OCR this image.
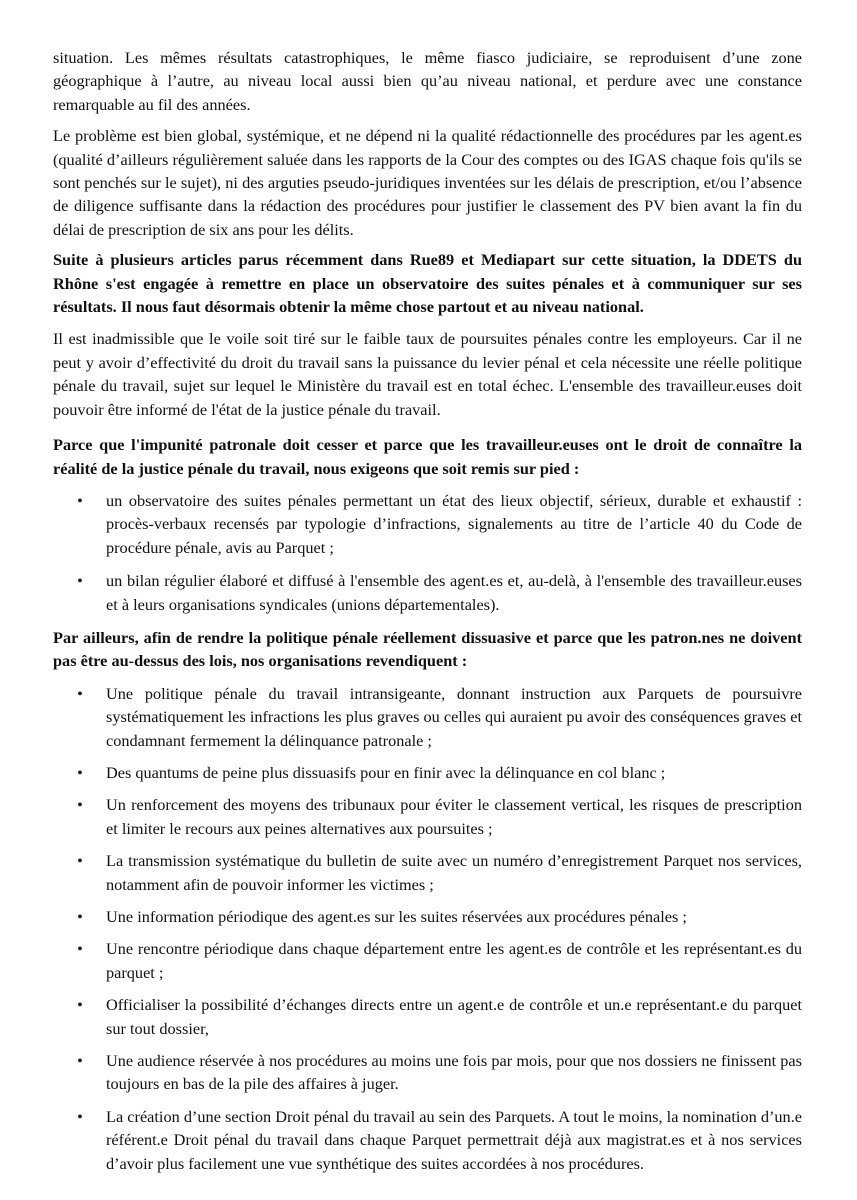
situation. Les mêmes résultats catastrophiques, le même fiasco judiciaire, se reproduisent d’une zone géographique à l’autre, au niveau local aussi bien qu’au niveau national, et perdure avec une constance remarquable au fil des années.

Le problème est bien global, systémique, et ne dépend ni la qualité rédactionnelle des procédures par les agent.es (qualité d’ailleurs régulièrement saluée dans les rapports de la Cour des comptes ou des IGAS chaque fois qu'ils se sont penchés sur le sujet), ni des arguties pseudo-juridiques inventées sur les délais de prescription, et/ou l’absence de diligence suffisante dans la rédaction des procédures pour justifier le classement des PV bien avant la fin du délai de prescription de six ans pour les délits.

Suite à plusieurs articles parus récemment dans Rue89 et Mediapart sur cette situation, la DDETS du Rhône s'est engagée à remettre en place un observatoire des suites pénales et à communiquer sur ses résultats. Il nous faut désormais obtenir la même chose partout et au niveau national.

Il est inadmissible que le voile soit tiré sur le faible taux de poursuites pénales contre les employeurs. Car il ne peut y avoir d’effectivité du droit du travail sans la puissance du levier pénal et cela nécessite une réelle politique pénale du travail, sujet sur lequel le Ministère du travail est en total échec. L'ensemble des travailleur.euses doit pouvoir être informé de l'état de la justice pénale du travail.

Parce que l'impunité patronale doit cesser et parce que les travailleur.euses ont le droit de connaître la réalité de la justice pénale du travail, nous exigeons que soit remis sur pied :

• un observatoire des suites pénales permettant un état des lieux objectif, sérieux, durable et exhaustif : procès-verbaux recensés par typologie d’infractions, signalements au titre de l’article 40 du Code de procédure pénale, avis au Parquet ;
• un bilan régulier élaboré et diffusé à l'ensemble des agent.es et, au-delà, à l'ensemble des travailleur.euses et à leurs organisations syndicales (unions départementales).

Par ailleurs, afin de rendre la politique pénale réellement dissuasive et parce que les patron.nes ne doivent pas être au-dessus des lois, nos organisations revendiquent :

• Une politique pénale du travail intransigeante, donnant instruction aux Parquets de poursuivre systématiquement les infractions les plus graves ou celles qui auraient pu avoir des conséquences graves et condamnant fermement la délinquance patronale ;
• Des quantums de peine plus dissuasifs pour en finir avec la délinquance en col blanc ;
• Un renforcement des moyens des tribunaux pour éviter le classement vertical, les risques de prescription et limiter le recours aux peines alternatives aux poursuites ;
• La transmission systématique du bulletin de suite avec un numéro d’enregistrement Parquet nos services, notamment afin de pouvoir informer les victimes ;
• Une information périodique des agent.es sur les suites réservées aux procédures pénales ;
• Une rencontre périodique dans chaque département entre les agent.es de contrôle et les représentant.es du parquet ;
• Officialiser la possibilité d’échanges directs entre un agent.e de contrôle et un.e représentant.e du parquet sur tout dossier,
• Une audience réservée à nos procédures au moins une fois par mois, pour que nos dossiers ne finissent pas toujours en bas de la pile des affaires à juger.
• La création d’une section Droit pénal du travail au sein des Parquets. A tout le moins, la nomination d’un.e référent.e Droit pénal du travail dans chaque Parquet permettrait déjà aux magistrat.es et à nos services d’avoir plus facilement une vue synthétique des suites accordées à nos procédures.
